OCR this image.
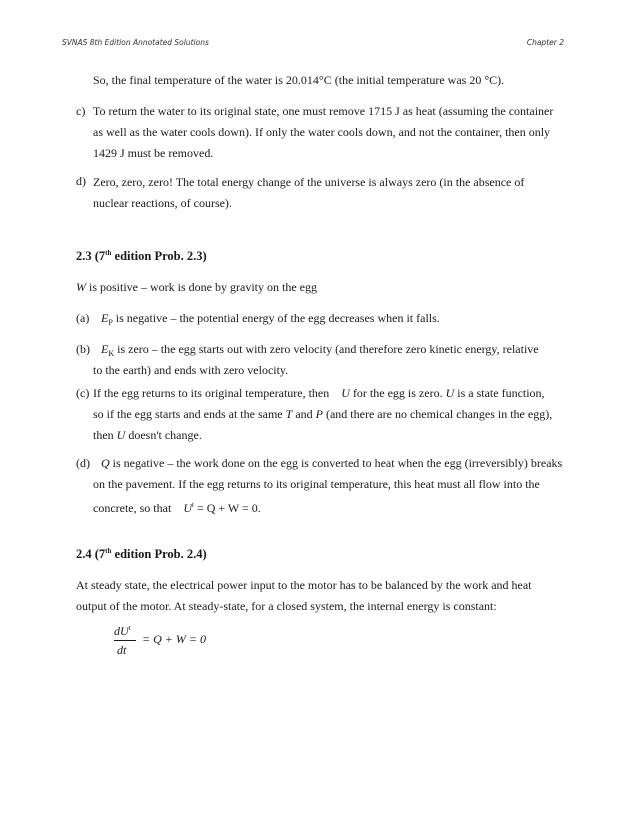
SVNAS 8th Edition Annotated Solutions	Chapter 2
So, the final temperature of the water is 20.014°C (the initial temperature was 20 °C).
c) To return the water to its original state, one must remove 1715 J as heat (assuming the container
as well as the water cools down). If only the water cools down, and not the container, then only
1429 J must be removed.
d) Zero, zero, zero! The total energy change of the universe is always zero (in the absence of
nuclear reactions, of course).
2.3 (7th edition Prob. 2.3)
W is positive – work is done by gravity on the egg
(a) $E_P$ is negative – the potential energy of the egg decreases when it falls.
(b) $E_K$ is zero – the egg starts out with zero velocity (and therefore zero kinetic energy, relative
to the earth) and ends with zero velocity.
(c) If the egg returns to its original temperature, then    U for the egg is zero. U is a state function,
so if the egg starts and ends at the same T and P (and there are no chemical changes in the egg),
then U doesn't change.
(d) Q is negative – the work done on the egg is converted to heat when the egg (irreversibly) breaks
on the pavement. If the egg returns to its original temperature, this heat must all flow into the
concrete, so that    $U^t = Q + W = 0$.
2.4 (7th edition Prob. 2.4)
At steady state, the electrical power input to the motor has to be balanced by the work and heat
output of the motor. At steady-state, for a closed system, the internal energy is constant:
$dU^t$
dt
= Q + W = 0
